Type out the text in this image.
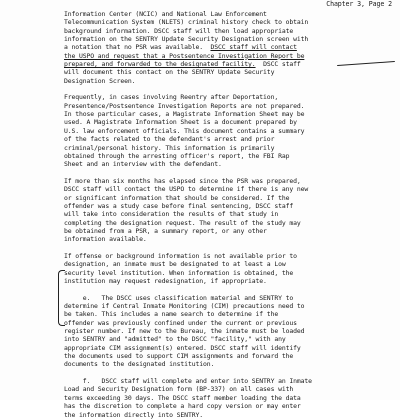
Chapter 3, Page 2
Information Center (NCIC) and National Law Enforcement
Telecommunication System (NLETS) criminal history check to obtain
background information. DSCC staff will then load appropriate
information on the SENTRY Update Security Designation screen with
a notation that no PSR was available. DSCC staff will contact
the USPO and request that a Postsentence Investigation Report be
prepared, and forwarded to the designated facility. DSCC staff
will document this contact on the SENTRY Update Security
Designation Screen.
Frequently, in cases involving Reentry after Deportation,
Presentence/Postsentence Investigation Reports are not prepared.
In those particular cases, a Magistrate Information Sheet may be
used. A Magistrate Information Sheet is a document prepared by
U.S. law enforcement officials. This document contains a summary
of the facts related to the defendant's arrest and prior
criminal/personal history. This information is primarily
obtained through the arresting officer's report, the FBI Rap
Sheet and an interview with the defendant.
If more than six months has elapsed since the PSR was prepared,
DSCC staff will contact the USPO to determine if there is any new
or significant information that should be considered. If the
offender was a study case before final sentencing, DSCC staff
will take into consideration the results of that study in
completing the designation request. The result of the study may
be obtained from a PSR, a summary report, or any other
information available.
If offense or background information is not available prior to
designation, an inmate must be designated to at least a Low
security level institution. When information is obtained, the
institution may request redesignation, if appropriate.
e.   The DSCC uses classification material and SENTRY to
determine if Central Inmate Monitoring (CIM) precautions need to
be taken. This includes a name search to determine if the
offender was previously confined under the current or previous
register number. If new to the Bureau, the inmate must be loaded
into SENTRY and "admitted" to the DSCC "facility," with any
appropriate CIM assignment(s) entered. DSCC staff will identify
the documents used to support CIM assignments and forward the
documents to the designated institution.
f.   DSCC staff will complete and enter into SENTRY an Inmate
Load and Security Designation form (BP-337) on all cases with
terms exceeding 30 days. The DSCC staff member loading the data
has the discretion to complete a hard copy version or may enter
the information directly into SENTRY.
